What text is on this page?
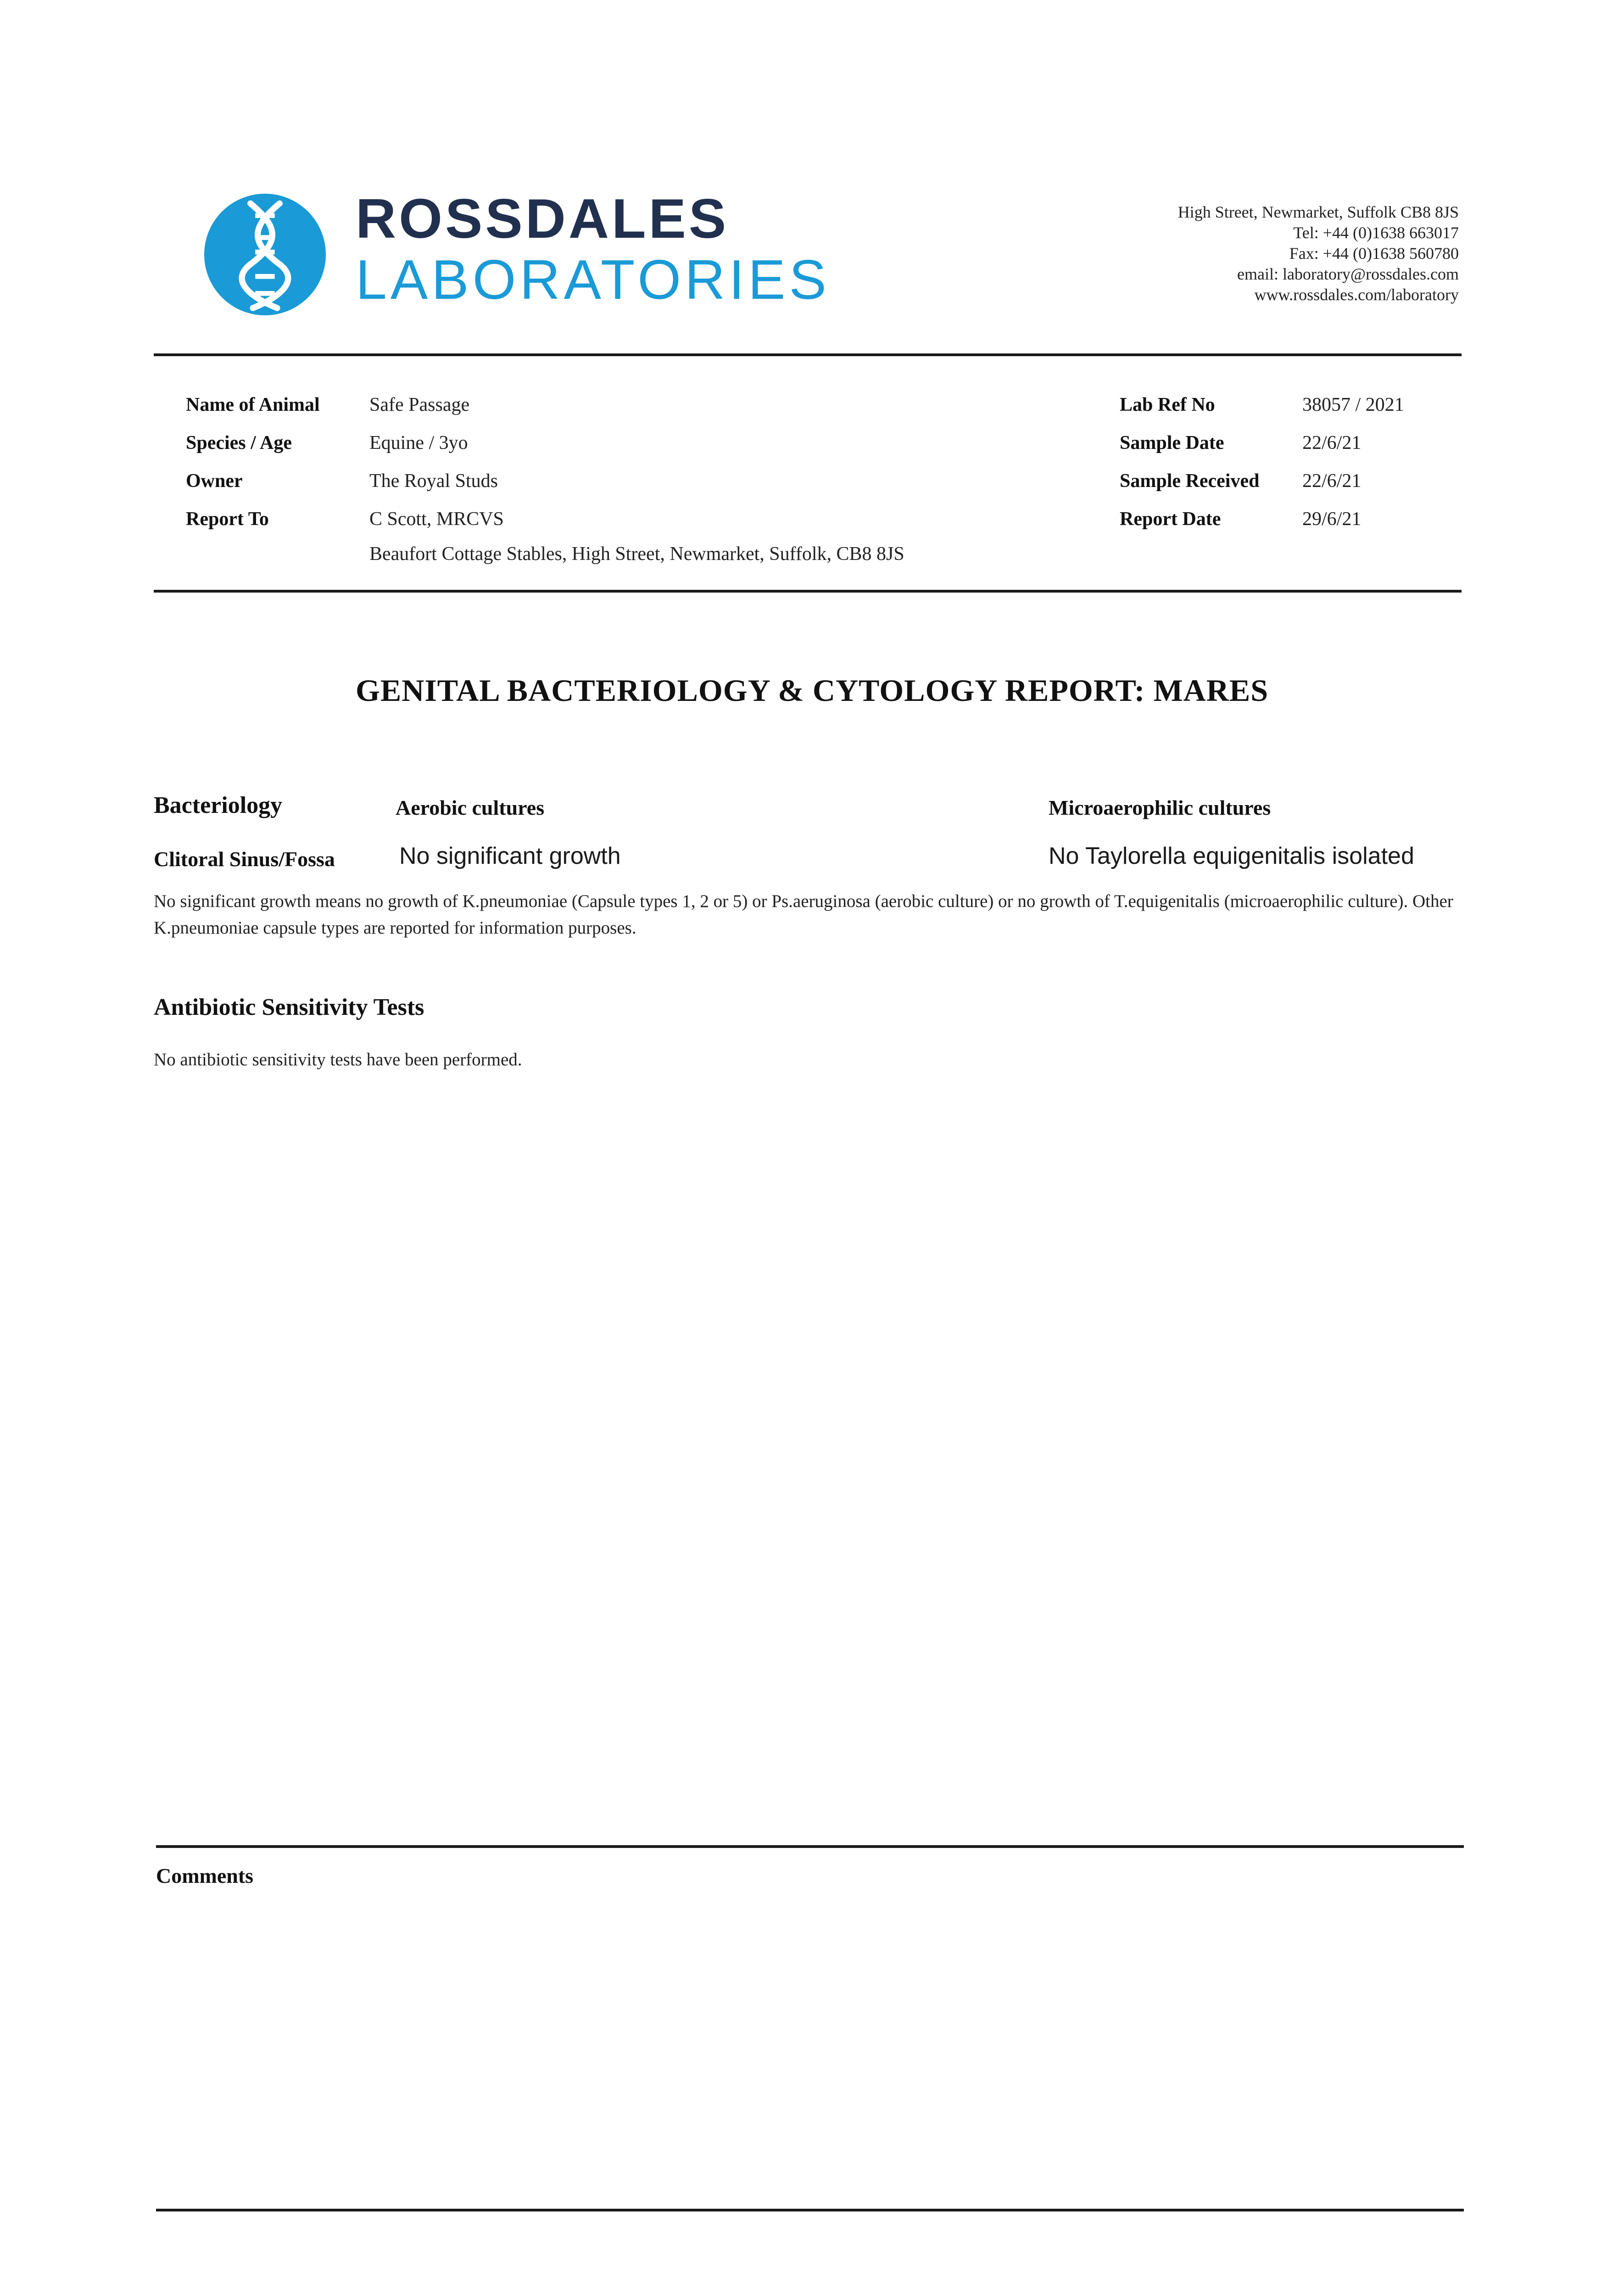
ROSSDALES
LABORATORIES
High Street, Newmarket, Suffolk CB8 8JS
Tel: +44 (0)1638 663017
Fax: +44 (0)1638 560780
email: laboratory@rossdales.com
www.rossdales.com/laboratory
Name of Animal	Safe Passage
Species / Age	Equine / 3yo
Owner	The Royal Studs
Report To	C Scott, MRCVS
Beaufort Cottage Stables, High Street, Newmarket, Suffolk, CB8 8JS
Lab Ref No	38057 / 2021
Sample Date	22/6/21
Sample Received 22/6/21
Report Date	29/6/21
GENITAL BACTERIOLOGY & CYTOLOGY REPORT: MARES
Bacteriology	Aerobic cultures	Microaerophilic cultures
Clitoral Sinus/Fossa	No significant growth	No Taylorella equigenitalis isolated
No significant growth means no growth of K.pneumoniae (Capsule types 1, 2 or 5) or Ps.aeruginosa (aerobic culture) or no growth of T.equigenitalis (microaerophilic culture). Other K.pneumoniae capsule types are reported for information purposes.
Antibiotic Sensitivity Tests
No antibiotic sensitivity tests have been performed.
Comments
